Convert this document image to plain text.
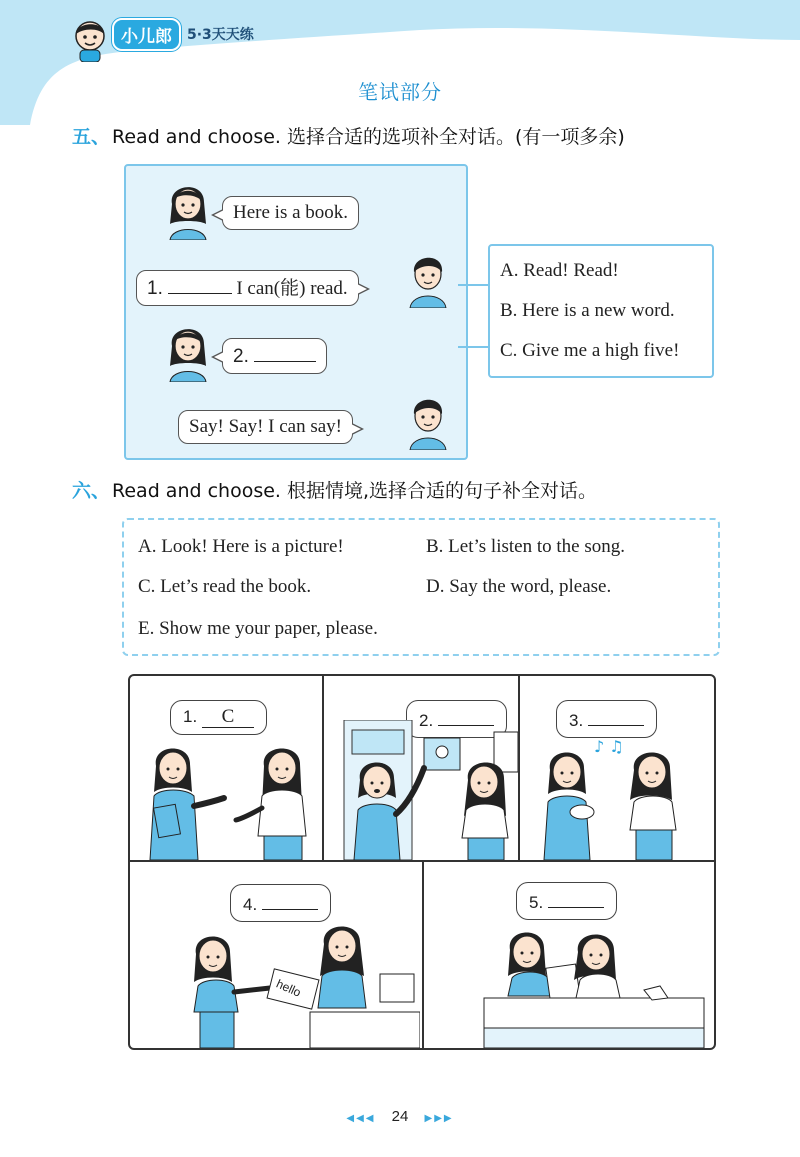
小儿郎	5·3天天练
笔试部分
五、 Read and choose. 选择合适的选项补全对话。(有一项多余)
Here is a book.
1.	I can(能) read.
2.
Say! Say! I can say!
A. Read! Read!
B. Here is a new word.
C. Give me a high five!
六、 Read and choose. 根据情境,选择合适的句子补全对话。
A. Look! Here is a picture!	B. Let’s listen to the song.
C. Let’s read the book.	D. Say the word, please.
E. Show me your paper, please.
1. C	2.	3.
♪ ♫
4.
hello
5.
◀◀◀ 24 ▶▶▶
